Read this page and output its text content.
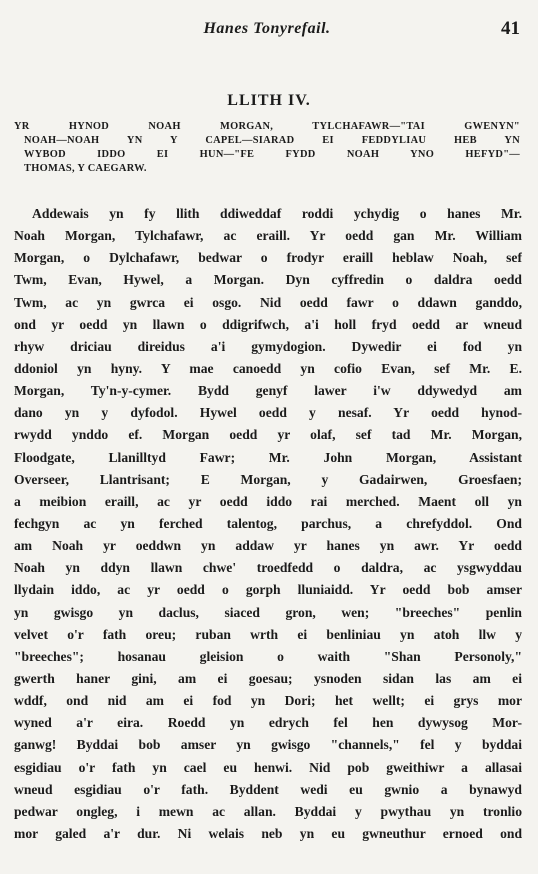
Hanes Tonyrefail.	41
LLITH IV.
YR HYNOD NOAH MORGAN, TYLCHAFAWR—"TAI GWENYN"
NOAH—NOAH YN Y CAPEL—SIARAD EI FEDDYLIAU HEB YN
WYBOD IDDO EI HUN—"FE FYDD NOAH YNO HEFYD"—
THOMAS, Y CAEGARW.
Addewais yn fy llith ddiweddaf roddi ychydig o hanes Mr.
Noah Morgan, Tylchafawr, ac eraill. Yr oedd gan Mr. William
Morgan, o Dylchafawr, bedwar o frodyr eraill heblaw Noah, sef
Twm, Evan, Hywel, a Morgan. Dyn cyffredin o daldra oedd
Twm, ac yn gwrca ei osgo. Nid oedd fawr o ddawn ganddo,
ond yr oedd yn llawn o ddigrifwch, a'i holl fryd oedd ar wneud
rhyw driciau direidus a'i gymydogion. Dywedir ei fod yn
ddoniol yn hyny. Y mae canoedd yn cofio Evan, sef Mr. E.
Morgan, Ty'n-y-cymer. Bydd genyf lawer i'w ddywedyd am
dano yn y dyfodol. Hywel oedd y nesaf. Yr oedd hynod-
rwydd ynddo ef. Morgan oedd yr olaf, sef tad Mr. Morgan,
Floodgate, Llanilltyd Fawr; Mr. John Morgan, Assistant
Overseer, Llantrisant; E Morgan, y Gadairwen, Groesfaen;
a meibion eraill, ac yr oedd iddo rai merched. Maent oll yn
fechgyn ac yn ferched talentog, parchus, a chrefyddol. Ond
am Noah yr oeddwn yn addaw yr hanes yn awr. Yr oedd
Noah yn ddyn llawn chwe' troedfedd o daldra, ac ysgwyddau
llydain iddo, ac yr oedd o gorph lluniaidd. Yr oedd bob amser
yn gwisgo yn daclus, siaced gron, wen; "breeches" penlin
velvet o'r fath oreu; ruban wrth ei benliniau yn atoh llw y
"breeches"; hosanau gleision o waith "Shan Personoly,"
gwerth haner gini, am ei goesau; ysnoden sidan las am ei
wddf, ond nid am ei fod yn Dori; het wellt; ei grys mor
wyned a'r eira. Roedd yn edrych fel hen dywysog Mor-
ganwg! Byddai bob amser yn gwisgo "channels," fel y byddai
esgidiau o'r fath yn cael eu henwi. Nid pob gweithiwr a allasai
wneud esgidiau o'r fath. Byddent wedi eu gwnio a bynawyd
pedwar ongleg, i mewn ac allan. Byddai y pwythau yn tronlio
mor galed a'r dur. Ni welais neb yn eu gwneuthur ernoed ond
